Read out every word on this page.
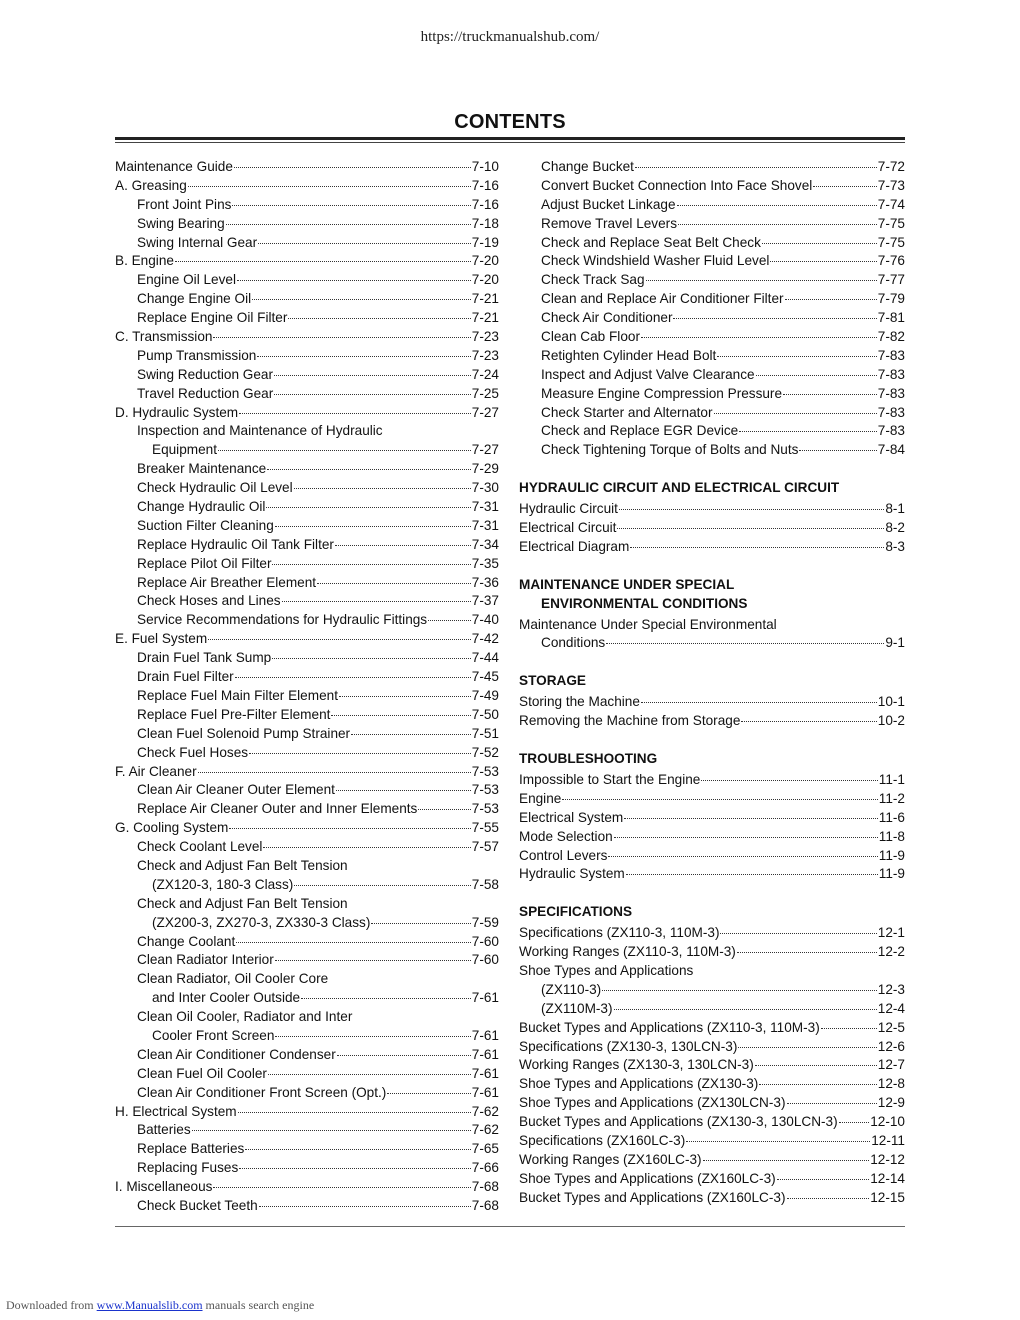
https://truckmanualshub.com/
CONTENTS
Maintenance Guide	7-10
A. Greasing	7-16
Front Joint Pins	7-16
Swing Bearing	7-18
Swing Internal Gear	7-19
B. Engine	7-20
Engine Oil Level	7-20
Change Engine Oil	7-21
Replace Engine Oil Filter	7-21
C. Transmission	7-23
Pump Transmission	7-23
Swing Reduction Gear	7-24
Travel Reduction Gear	7-25
D. Hydraulic System	7-27
Inspection and Maintenance of Hydraulic
Equipment	7-27
Breaker Maintenance	7-29
Check Hydraulic Oil Level	7-30
Change Hydraulic Oil	7-31
Suction Filter Cleaning	7-31
Replace Hydraulic Oil Tank Filter	7-34
Replace Pilot Oil Filter	7-35
Replace Air Breather Element	7-36
Check Hoses and Lines	7-37
Service Recommendations for Hydraulic Fittings	7-40
E. Fuel System	7-42
Drain Fuel Tank Sump	7-44
Drain Fuel Filter	7-45
Replace Fuel Main Filter Element	7-49
Replace Fuel Pre-Filter Element	7-50
Clean Fuel Solenoid Pump Strainer	7-51
Check Fuel Hoses	7-52
F. Air Cleaner	7-53
Clean Air Cleaner Outer Element	7-53
Replace Air Cleaner Outer and Inner Elements	7-53
G. Cooling System	7-55
Check Coolant Level	7-57
Check and Adjust Fan Belt Tension
(ZX120-3, 180-3 Class)	7-58
Check and Adjust Fan Belt Tension
(ZX200-3, ZX270-3, ZX330-3 Class)	7-59
Change Coolant	7-60
Clean Radiator Interior	7-60
Clean Radiator, Oil Cooler Core
and Inter Cooler Outside	7-61
Clean Oil Cooler, Radiator and Inter
Cooler Front Screen	7-61
Clean Air Conditioner Condenser	7-61
Clean Fuel Oil Cooler	7-61
Clean Air Conditioner Front Screen (Opt.)	7-61
H. Electrical System	7-62
Batteries	7-62
Replace Batteries	7-65
Replacing Fuses	7-66
I. Miscellaneous	7-68
Check Bucket Teeth	7-68
Change Bucket	7-72
Convert Bucket Connection Into Face Shovel	7-73
Adjust Bucket Linkage	7-74
Remove Travel Levers	7-75
Check and Replace Seat Belt Check	7-75
Check Windshield Washer Fluid Level	7-76
Check Track Sag	7-77
Clean and Replace Air Conditioner Filter	7-79
Check Air Conditioner	7-81
Clean Cab Floor	7-82
Retighten Cylinder Head Bolt	7-83
Inspect and Adjust Valve Clearance	7-83
Measure Engine Compression Pressure	7-83
Check Starter and Alternator	7-83
Check and Replace EGR Device	7-83
Check Tightening Torque of Bolts and Nuts	7-84
HYDRAULIC CIRCUIT AND ELECTRICAL CIRCUIT
Hydraulic Circuit	8-1
Electrical Circuit	8-2
Electrical Diagram	8-3
MAINTENANCE UNDER SPECIAL
ENVIRONMENTAL CONDITIONS
Maintenance Under Special Environmental
Conditions	9-1
STORAGE
Storing the Machine	10-1
Removing the Machine from Storage	10-2
TROUBLESHOOTING
Impossible to Start the Engine	11-1
Engine	11-2
Electrical System	11-6
Mode Selection	11-8
Control Levers	11-9
Hydraulic System	11-9
SPECIFICATIONS
Specifications (ZX110-3, 110M-3)	12-1
Working Ranges (ZX110-3, 110M-3)	12-2
Shoe Types and Applications
(ZX110-3)	12-3
(ZX110M-3)	12-4
Bucket Types and Applications (ZX110-3, 110M-3)	12-5
Specifications (ZX130-3, 130LCN-3)	12-6
Working Ranges (ZX130-3, 130LCN-3)	12-7
Shoe Types and Applications (ZX130-3)	12-8
Shoe Types and Applications (ZX130LCN-3)	12-9
Bucket Types and Applications (ZX130-3, 130LCN-3) 12-10
Specifications (ZX160LC-3)	12-11
Working Ranges (ZX160LC-3)	12-12
Shoe Types and Applications (ZX160LC-3)	12-14
Bucket Types and Applications (ZX160LC-3)	12-15
Downloaded from www.Manualslib.com manuals search engine
